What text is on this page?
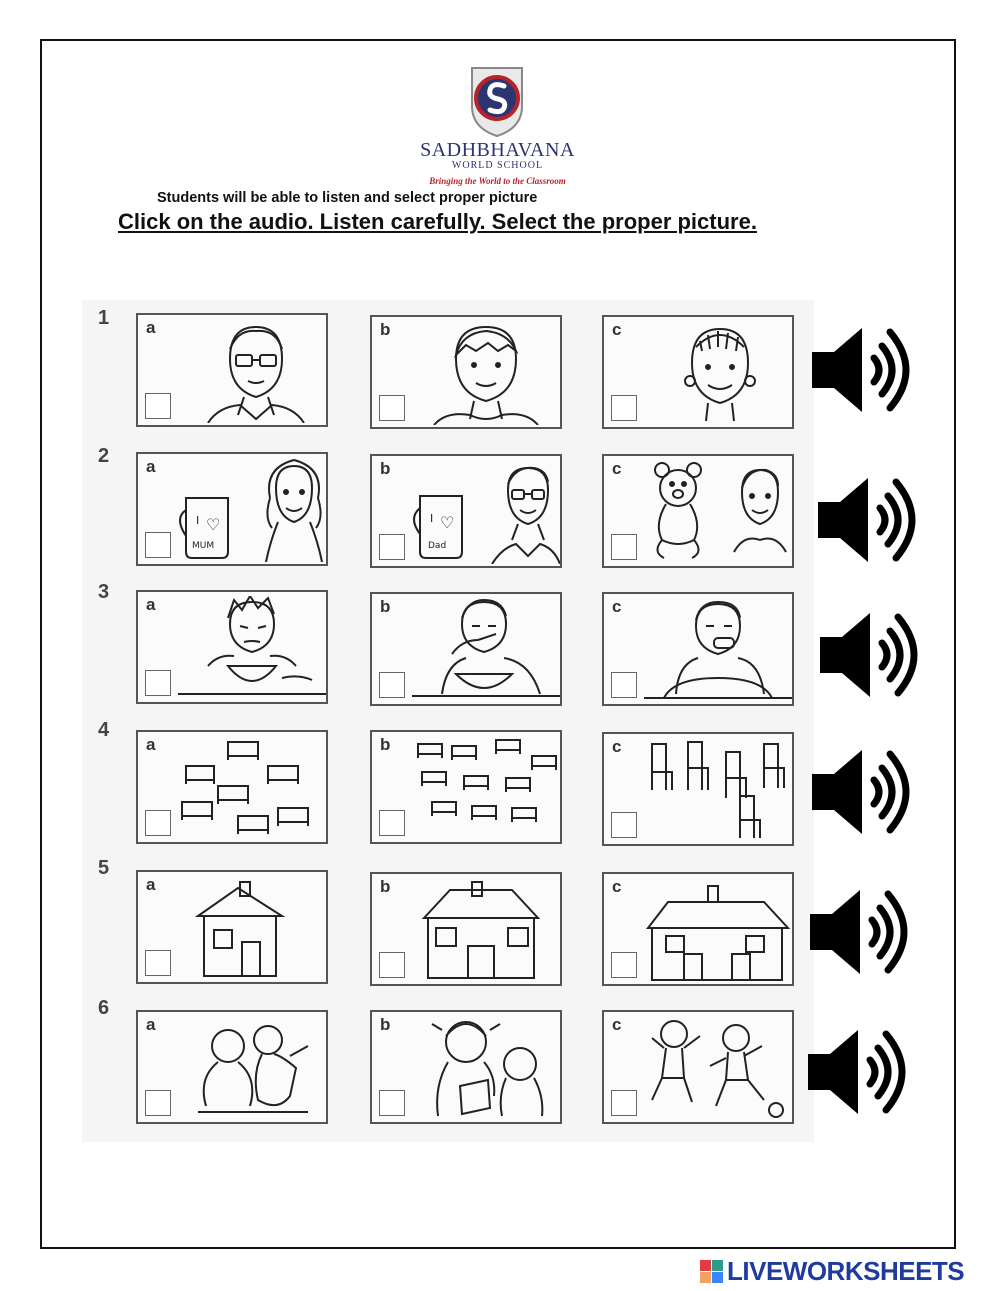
SADHBHAVANA
WORLD SCHOOL
Bringing the World to the Classroom
Students will be able to listen and select proper picture
Click on the audio. Listen carefully. Select the proper picture.
1
2
3
4
5
6
a	b	c
a
I ♡
MUM
b
I ♡
Dad
c
a	b	c
a	b	c
a	b	c
a	b	c
LIVEWORKSHEETS
